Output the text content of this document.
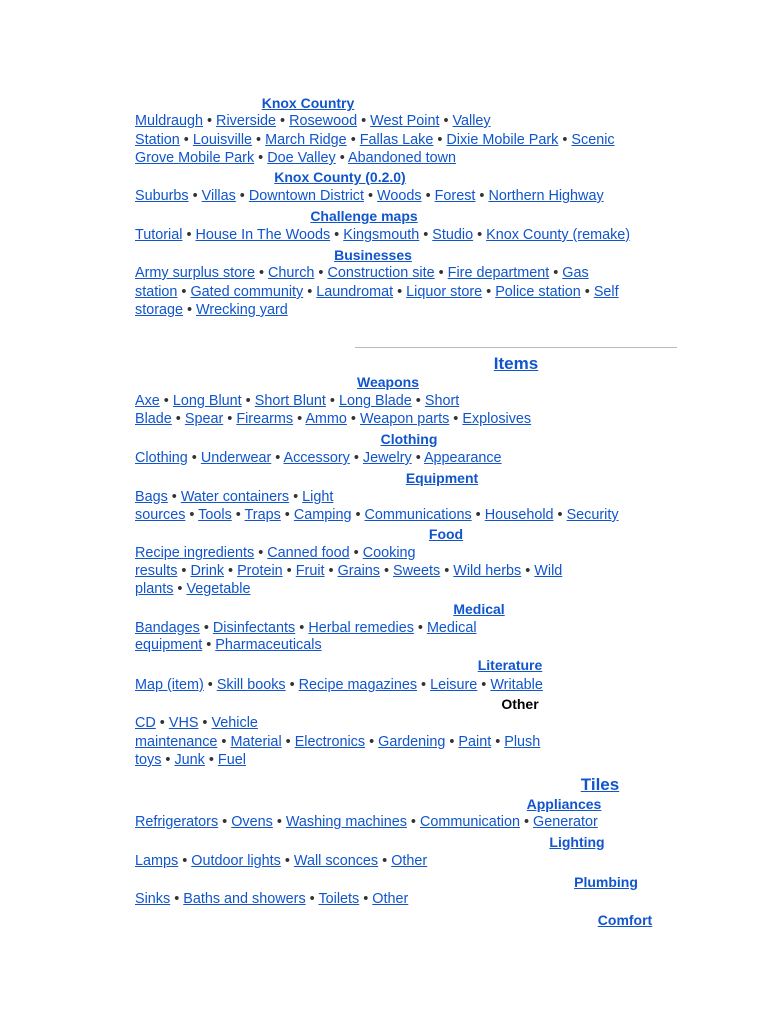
Knox Country
Knox County (0.2.0)
Challenge maps
Businesses
Items
Weapons
Clothing
Equipment
Food
Medical
Literature
Other
Tiles
Appliances
Lighting
Plumbing
Comfort
Muldraugh • Riverside • Rosewood • West Point • Valley
Station • Louisville • March Ridge • Fallas Lake • Dixie Mobile Park • Scenic
Grove Mobile Park • Doe Valley • Abandoned town
Suburbs • Villas • Downtown District • Woods • Forest • Northern Highway
Tutorial • House In The Woods • Kingsmouth • Studio • Knox County (remake)
Army surplus store • Church • Construction site • Fire department • Gas
station • Gated community • Laundromat • Liquor store • Police station • Self
storage • Wrecking yard
Axe • Long Blunt • Short Blunt • Long Blade • Short
Blade • Spear • Firearms • Ammo • Weapon parts • Explosives
Clothing • Underwear • Accessory • Jewelry • Appearance
Bags • Water containers • Light
sources • Tools • Traps • Camping • Communications • Household • Security
Recipe ingredients • Canned food • Cooking
results • Drink • Protein • Fruit • Grains • Sweets • Wild herbs • Wild
plants • Vegetable
Bandages • Disinfectants • Herbal remedies • Medical
equipment • Pharmaceuticals
Map (item) • Skill books • Recipe magazines • Leisure • Writable
CD • VHS • Vehicle
maintenance • Material • Electronics • Gardening • Paint • Plush
toys • Junk • Fuel
Refrigerators • Ovens • Washing machines • Communication • Generator
Lamps • Outdoor lights • Wall sconces • Other
Sinks • Baths and showers • Toilets • Other
